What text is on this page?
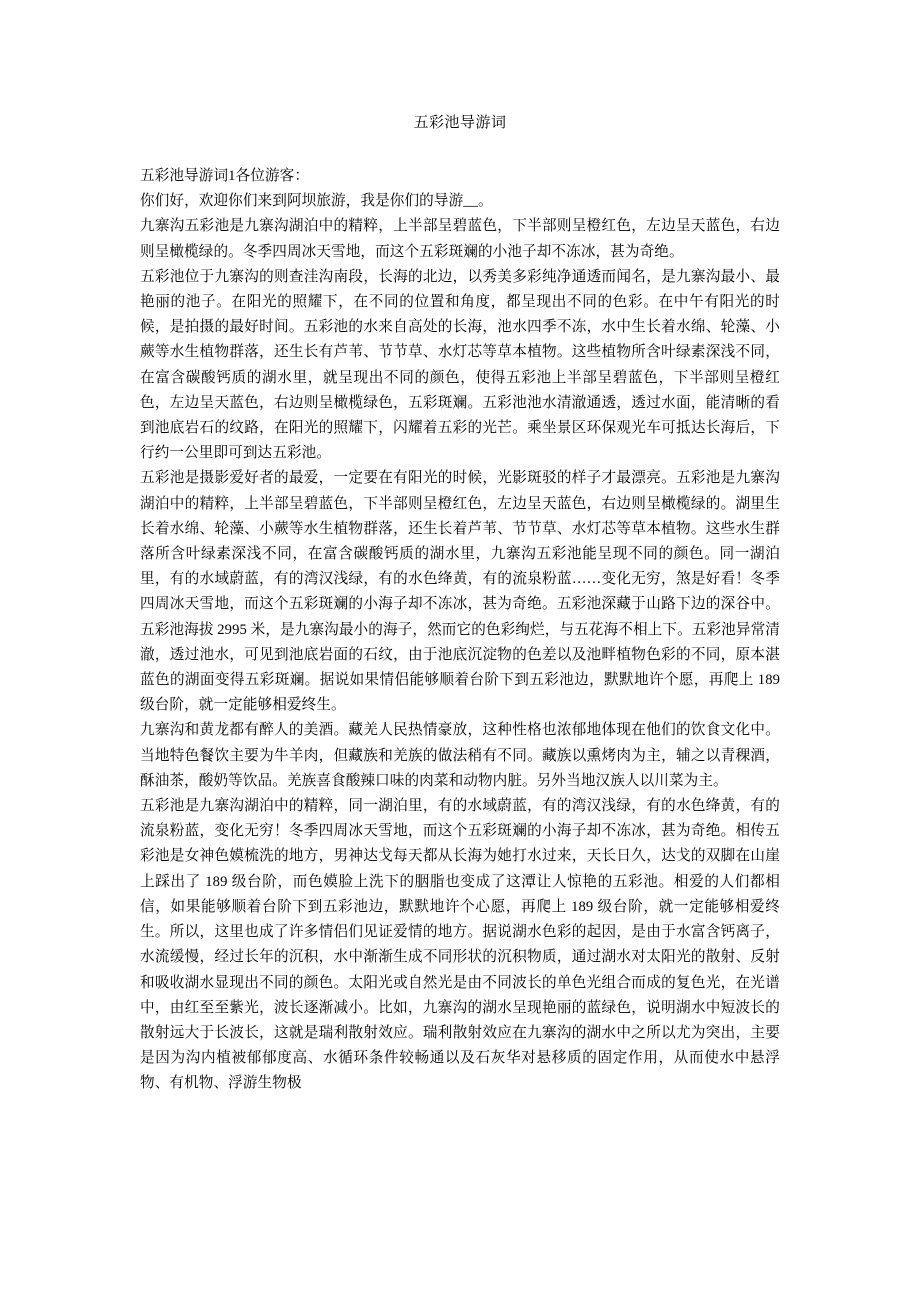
五彩池导游词

五彩池导游词1各位游客：

你们好，欢迎你们来到阿坝旅游，我是你们的导游__。

九寨沟五彩池是九寨沟湖泊中的精粹，上半部呈碧蓝色，下半部则呈橙红色，左边呈天蓝色，右边则呈橄榄绿的。冬季四周冰天雪地，而这个五彩斑斓的小池子却不冻冰，甚为奇绝。

五彩池位于九寨沟的则查洼沟南段，长海的北边，以秀美多彩纯净通透而闻名，是九寨沟最小、最艳丽的池子。在阳光的照耀下，在不同的位置和角度，都呈现出不同的色彩。在中午有阳光的时候，是拍摄的最好时间。五彩池的水来自高处的长海，池水四季不冻，水中生长着水绵、轮藻、小蕨等水生植物群落，还生长有芦苇、节节草、水灯芯等草本植物。这些植物所含叶绿素深浅不同，在富含碳酸钙质的湖水里，就呈现出不同的颜色，使得五彩池上半部呈碧蓝色，下半部则呈橙红色，左边呈天蓝色，右边则呈橄榄绿色，五彩斑斓。五彩池池水清澈通透，透过水面，能清晰的看到池底岩石的纹路，在阳光的照耀下，闪耀着五彩的光芒。乘坐景区环保观光车可抵达长海后，下行约一公里即可到达五彩池。

五彩池是摄影爱好者的最爱，一定要在有阳光的时候，光影斑驳的样子才最漂亮。五彩池是九寨沟湖泊中的精粹，上半部呈碧蓝色，下半部则呈橙红色，左边呈天蓝色，右边则呈橄榄绿的。湖里生长着水绵、轮藻、小蕨等水生植物群落，还生长着芦苇、节节草、水灯芯等草本植物。这些水生群落所含叶绿素深浅不同，在富含碳酸钙质的湖水里，九寨沟五彩池能呈现不同的颜色。同一湖泊里，有的水域蔚蓝，有的湾汉浅绿，有的水色绛黄，有的流泉粉蓝……变化无穷，煞是好看！冬季四周冰天雪地，而这个五彩斑斓的小海子却不冻冰，甚为奇绝。五彩池深藏于山路下边的深谷中。五彩池海拔 2995 米，是九寨沟最小的海子，然而它的色彩绚烂，与五花海不相上下。五彩池异常清澈，透过池水，可见到池底岩面的石纹，由于池底沉淀物的色差以及池畔植物色彩的不同，原本湛蓝色的湖面变得五彩斑斓。据说如果情侣能够顺着台阶下到五彩池边，默默地许个愿，再爬上 189 级台阶，就一定能够相爱终生。

九寨沟和黄龙都有醉人的美酒。藏羌人民热情豪放，这种性格也浓郁地体现在他们的饮食文化中。当地特色餐饮主要为牛羊肉，但藏族和羌族的做法稍有不同。藏族以熏烤肉为主，辅之以青稞酒，酥油茶，酸奶等饮品。羌族喜食酸辣口味的肉菜和动物内脏。另外当地汉族人以川菜为主。

五彩池是九寨沟湖泊中的精粹，同一湖泊里，有的水域蔚蓝，有的湾汉浅绿，有的水色绛黄，有的流泉粉蓝，变化无穷！冬季四周冰天雪地，而这个五彩斑斓的小海子却不冻冰，甚为奇绝。相传五彩池是女神色嫫梳洗的地方，男神达戈每天都从长海为她打水过来，天长日久，达戈的双脚在山崖上踩出了 189 级台阶，而色嫫脸上洗下的胭脂也变成了这潭让人惊艳的五彩池。相爱的人们都相信，如果能够顺着台阶下到五彩池边，默默地许个心愿，再爬上 189 级台阶，就一定能够相爱终生。所以，这里也成了许多情侣们见证爱情的地方。据说湖水色彩的起因，是由于水富含钙离子，水流缓慢，经过长年的沉积，水中渐渐生成不同形状的沉积物质，通过湖水对太阳光的散射、反射和吸收湖水显现出不同的颜色。太阳光或自然光是由不同波长的单色光组合而成的复色光，在光谱中，由红至至紫光，波长逐渐减小。比如，九寨沟的湖水呈现艳丽的蓝绿色，说明湖水中短波长的散射远大于长波长，这就是瑞利散射效应。瑞利散射效应在九寨沟的湖水中之所以尤为突出，主要是因为沟内植被郁郁度高、水循环条件较畅通以及石灰华对悬移质的固定作用，从而使水中悬浮物、有机物、浮游生物极
